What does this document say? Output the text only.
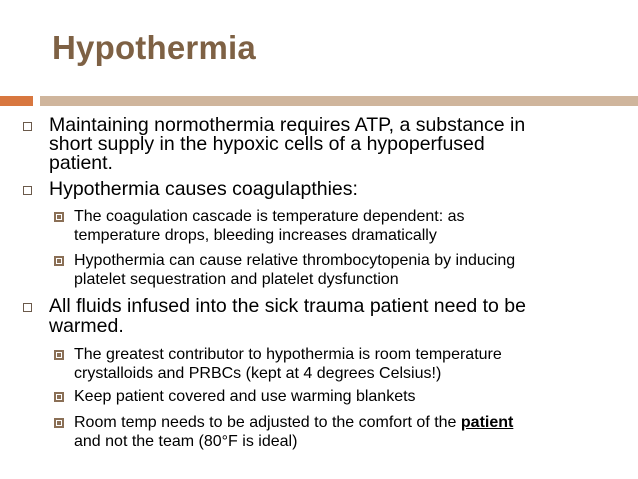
Hypothermia
Maintaining normothermia requires ATP, a substance in
short supply in the hypoxic cells of a hypoperfused
patient.
Hypothermia causes coagulapthies:
The coagulation cascade is temperature dependent: as
temperature drops, bleeding increases dramatically
Hypothermia can cause relative thrombocytopenia by inducing
platelet sequestration and platelet dysfunction
All fluids infused into the sick trauma patient need to be
warmed.
The greatest contributor to hypothermia is room temperature
crystalloids and PRBCs (kept at 4 degrees Celsius!)
Keep patient covered and use warming blankets
Room temp needs to be adjusted to the comfort of the patient
and not the team (80°F is ideal)
